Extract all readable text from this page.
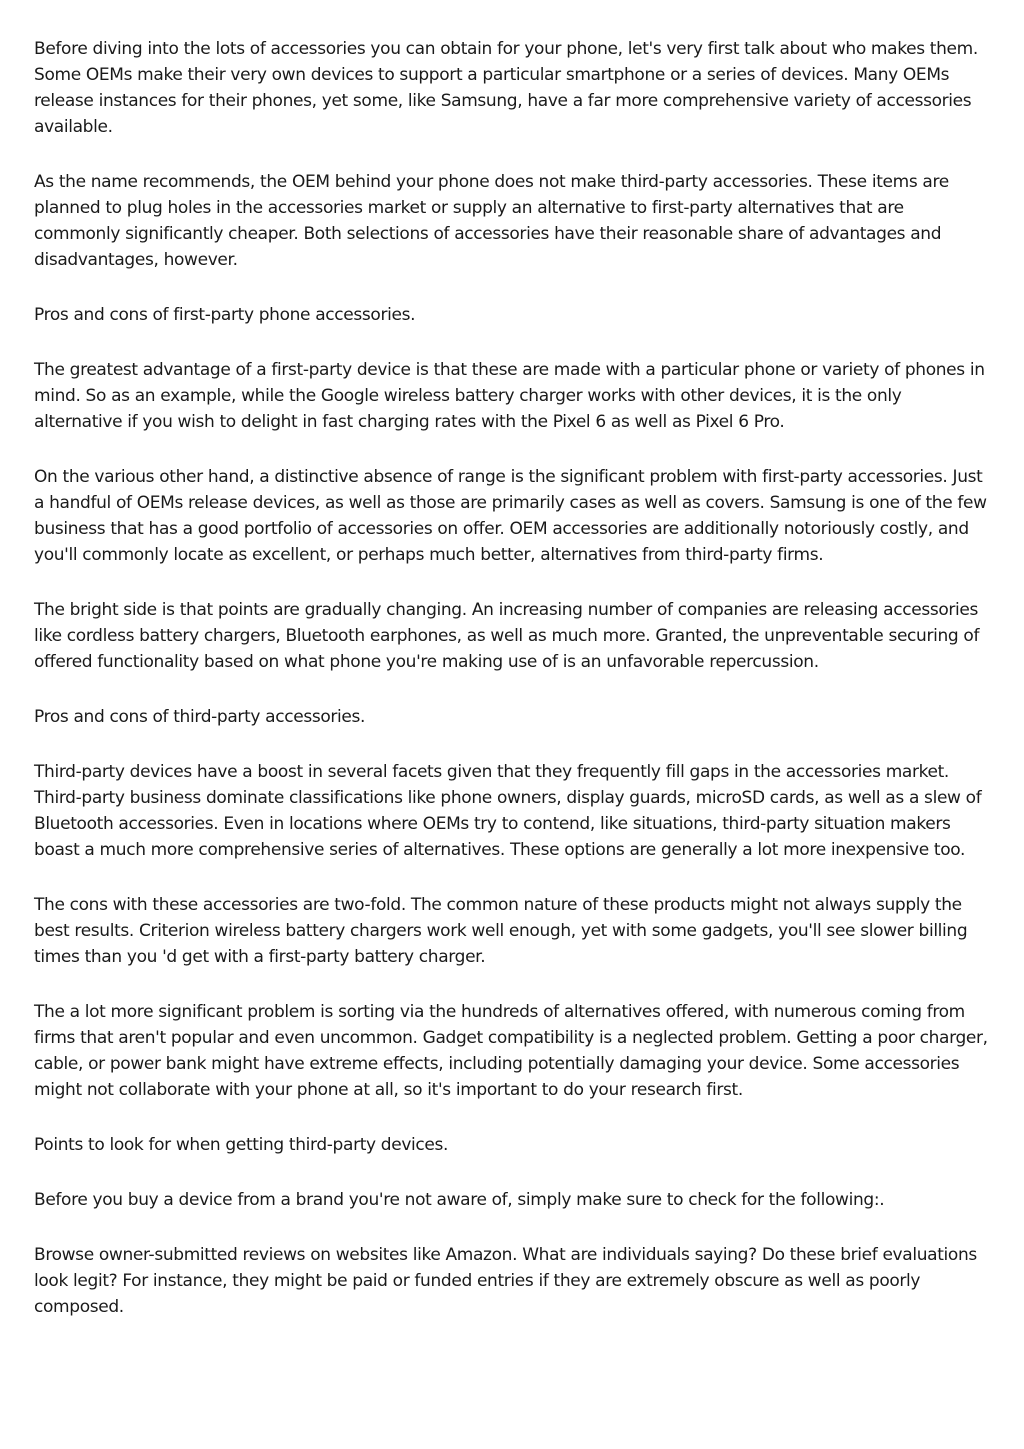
Before diving into the lots of accessories you can obtain for your phone, let's very first talk about who makes them. Some OEMs make their very own devices to support a particular smartphone or a series of devices. Many OEMs release instances for their phones, yet some, like Samsung, have a far more comprehensive variety of accessories available.

As the name recommends, the OEM behind your phone does not make third-party accessories. These items are planned to plug holes in the accessories market or supply an alternative to first-party alternatives that are commonly significantly cheaper. Both selections of accessories have their reasonable share of advantages and disadvantages, however.

Pros and cons of first-party phone accessories.

The greatest advantage of a first-party device is that these are made with a particular phone or variety of phones in mind. So as an example, while the Google wireless battery charger works with other devices, it is the only alternative if you wish to delight in fast charging rates with the Pixel 6 as well as Pixel 6 Pro.

On the various other hand, a distinctive absence of range is the significant problem with first-party accessories. Just a handful of OEMs release devices, as well as those are primarily cases as well as covers. Samsung is one of the few business that has a good portfolio of accessories on offer. OEM accessories are additionally notoriously costly, and you'll commonly locate as excellent, or perhaps much better, alternatives from third-party firms.

The bright side is that points are gradually changing. An increasing number of companies are releasing accessories like cordless battery chargers, Bluetooth earphones, as well as much more. Granted, the unpreventable securing of offered functionality based on what phone you're making use of is an unfavorable repercussion.

Pros and cons of third-party accessories.

Third-party devices have a boost in several facets given that they frequently fill gaps in the accessories market. Third-party business dominate classifications like phone owners, display guards, microSD cards, as well as a slew of Bluetooth accessories. Even in locations where OEMs try to contend, like situations, third-party situation makers boast a much more comprehensive series of alternatives. These options are generally a lot more inexpensive too.

The cons with these accessories are two-fold. The common nature of these products might not always supply the best results. Criterion wireless battery chargers work well enough, yet with some gadgets, you'll see slower billing times than you 'd get with a first-party battery charger.

The a lot more significant problem is sorting via the hundreds of alternatives offered, with numerous coming from firms that aren't popular and even uncommon. Gadget compatibility is a neglected problem. Getting a poor charger, cable, or power bank might have extreme effects, including potentially damaging your device. Some accessories might not collaborate with your phone at all, so it's important to do your research first.

Points to look for when getting third-party devices.

Before you buy a device from a brand you're not aware of, simply make sure to check for the following:.

Browse owner-submitted reviews on websites like Amazon. What are individuals saying? Do these brief evaluations look legit? For instance, they might be paid or funded entries if they are extremely obscure as well as poorly composed.
